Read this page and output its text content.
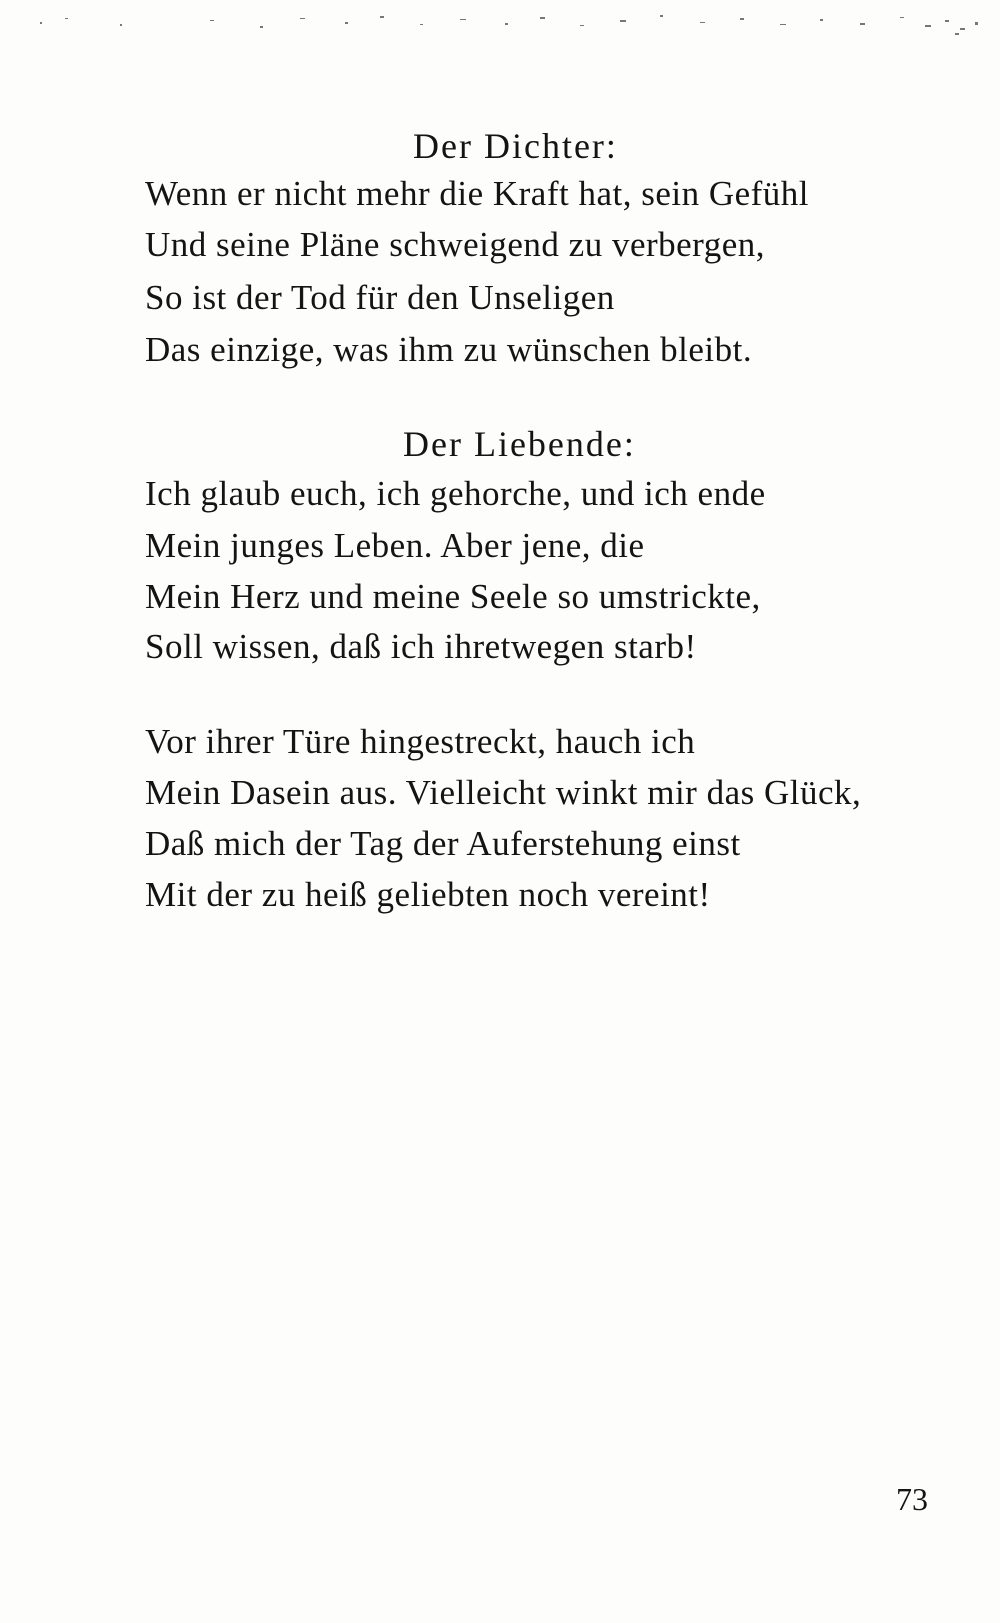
Der Dichter:
Wenn er nicht mehr die Kraft hat, sein Gefühl
Und seine Pläne schweigend zu verbergen,
So ist der Tod für den Unseligen
Das einzige, was ihm zu wünschen bleibt.
Der Liebende:
Ich glaub euch, ich gehorche, und ich ende
Mein junges Leben. Aber jene, die
Mein Herz und meine Seele so umstrickte,
Soll wissen, daß ich ihretwegen starb!
Vor ihrer Türe hingestreckt, hauch ich
Mein Dasein aus. Vielleicht winkt mir das Glück,
Daß mich der Tag der Auferstehung einst
Mit der zu heiß geliebten noch vereint!
73
